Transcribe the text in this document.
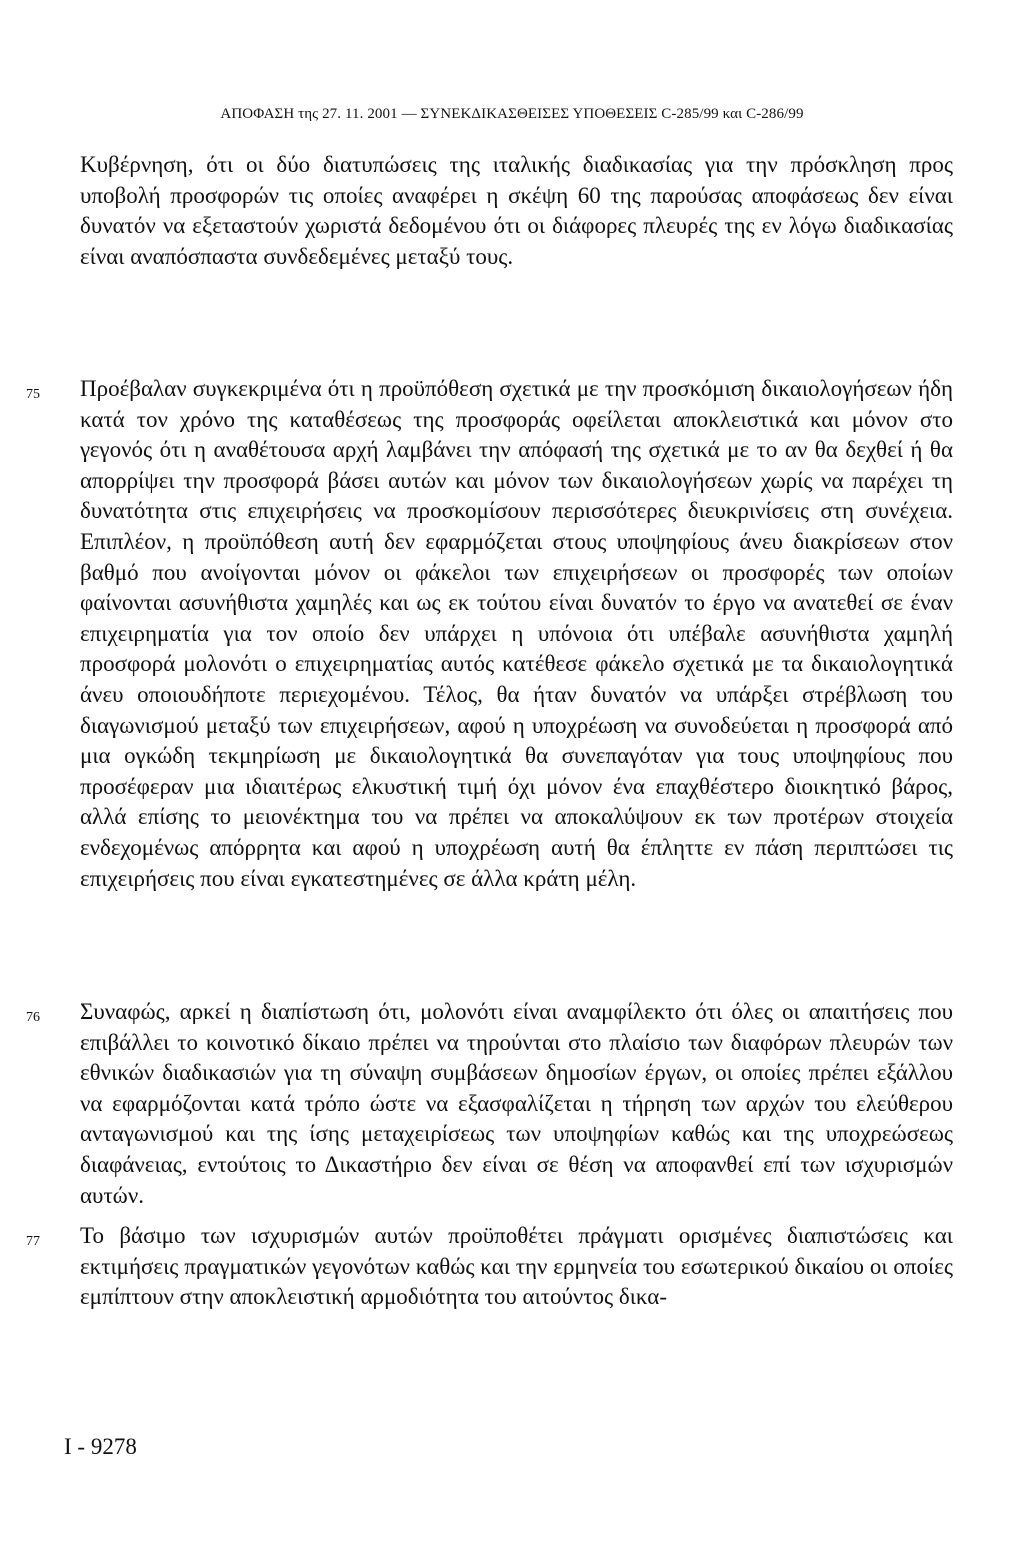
ΑΠΟΦΑΣΗ της 27. 11. 2001 — ΣΥΝΕΚΔΙΚΑΣΘΕΙΣΕΣ ΥΠΟΘΕΣΕΙΣ C-285/99 και C-286/99
Κυβέρνηση, ότι οι δύο διατυπώσεις της ιταλικής διαδικασίας για την πρόσκληση προς υποβολή προσφορών τις οποίες αναφέρει η σκέψη 60 της παρούσας αποφάσεως δεν είναι δυνατόν να εξεταστούν χωριστά δεδομένου ότι οι διάφορες πλευρές της εν λόγω διαδικασίας είναι αναπόσπαστα συνδεδεμένες μεταξύ τους.
75 Προέβαλαν συγκεκριμένα ότι η προϋπόθεση σχετικά με την προσκόμιση δικαιολογήσεων ήδη κατά τον χρόνο της καταθέσεως της προσφοράς οφείλεται αποκλειστικά και μόνον στο γεγονός ότι η αναθέτουσα αρχή λαμβάνει την απόφασή της σχετικά με το αν θα δεχθεί ή θα απορρίψει την προσφορά βάσει αυτών και μόνον των δικαιολογήσεων χωρίς να παρέχει τη δυνατότητα στις επιχειρήσεις να προσκομίσουν περισσότερες διευκρινίσεις στη συνέχεια. Επιπλέον, η προϋπόθεση αυτή δεν εφαρμόζεται στους υποψηφίους άνευ διακρίσεων στον βαθμό που ανοίγονται μόνον οι φάκελοι των επιχειρήσεων οι προσφορές των οποίων φαίνονται ασυνήθιστα χαμηλές και ως εκ τούτου είναι δυνατόν το έργο να ανατεθεί σε έναν επιχειρηματία για τον οποίο δεν υπάρχει η υπόνοια ότι υπέβαλε ασυνήθιστα χαμηλή προσφορά μολονότι ο επιχειρηματίας αυτός κατέθεσε φάκελο σχετικά με τα δικαιολογητικά άνευ οποιουδήποτε περιεχομένου. Τέλος, θα ήταν δυνατόν να υπάρξει στρέβλωση του διαγωνισμού μεταξύ των επιχειρήσεων, αφού η υποχρέωση να συνοδεύεται η προσφορά από μια ογκώδη τεκμηρίωση με δικαιολογητικά θα συνεπαγόταν για τους υποψηφίους που προσέφεραν μια ιδιαιτέρως ελκυστική τιμή όχι μόνον ένα επαχθέστερο διοικητικό βάρος, αλλά επίσης το μειονέκτημα του να πρέπει να αποκαλύψουν εκ των προτέρων στοιχεία ενδεχομένως απόρρητα και αφού η υποχρέωση αυτή θα έπληττε εν πάση περιπτώσει τις επιχειρήσεις που είναι εγκατεστημένες σε άλλα κράτη μέλη.
76 Συναφώς, αρκεί η διαπίστωση ότι, μολονότι είναι αναμφίλεκτο ότι όλες οι απαιτήσεις που επιβάλλει το κοινοτικό δίκαιο πρέπει να τηρούνται στο πλαίσιο των διαφόρων πλευρών των εθνικών διαδικασιών για τη σύναψη συμβάσεων δημοσίων έργων, οι οποίες πρέπει εξάλλου να εφαρμόζονται κατά τρόπο ώστε να εξασφαλίζεται η τήρηση των αρχών του ελεύθερου ανταγωνισμού και της ίσης μεταχειρίσεως των υποψηφίων καθώς και της υποχρεώσεως διαφάνειας, εντούτοις το Δικαστήριο δεν είναι σε θέση να αποφανθεί επί των ισχυρισμών αυτών.
77 Το βάσιμο των ισχυρισμών αυτών προϋποθέτει πράγματι ορισμένες διαπιστώσεις και εκτιμήσεις πραγματικών γεγονότων καθώς και την ερμηνεία του εσωτερικού δικαίου οι οποίες εμπίπτουν στην αποκλειστική αρμοδιότητα του αιτούντος δικα-
I - 9278
